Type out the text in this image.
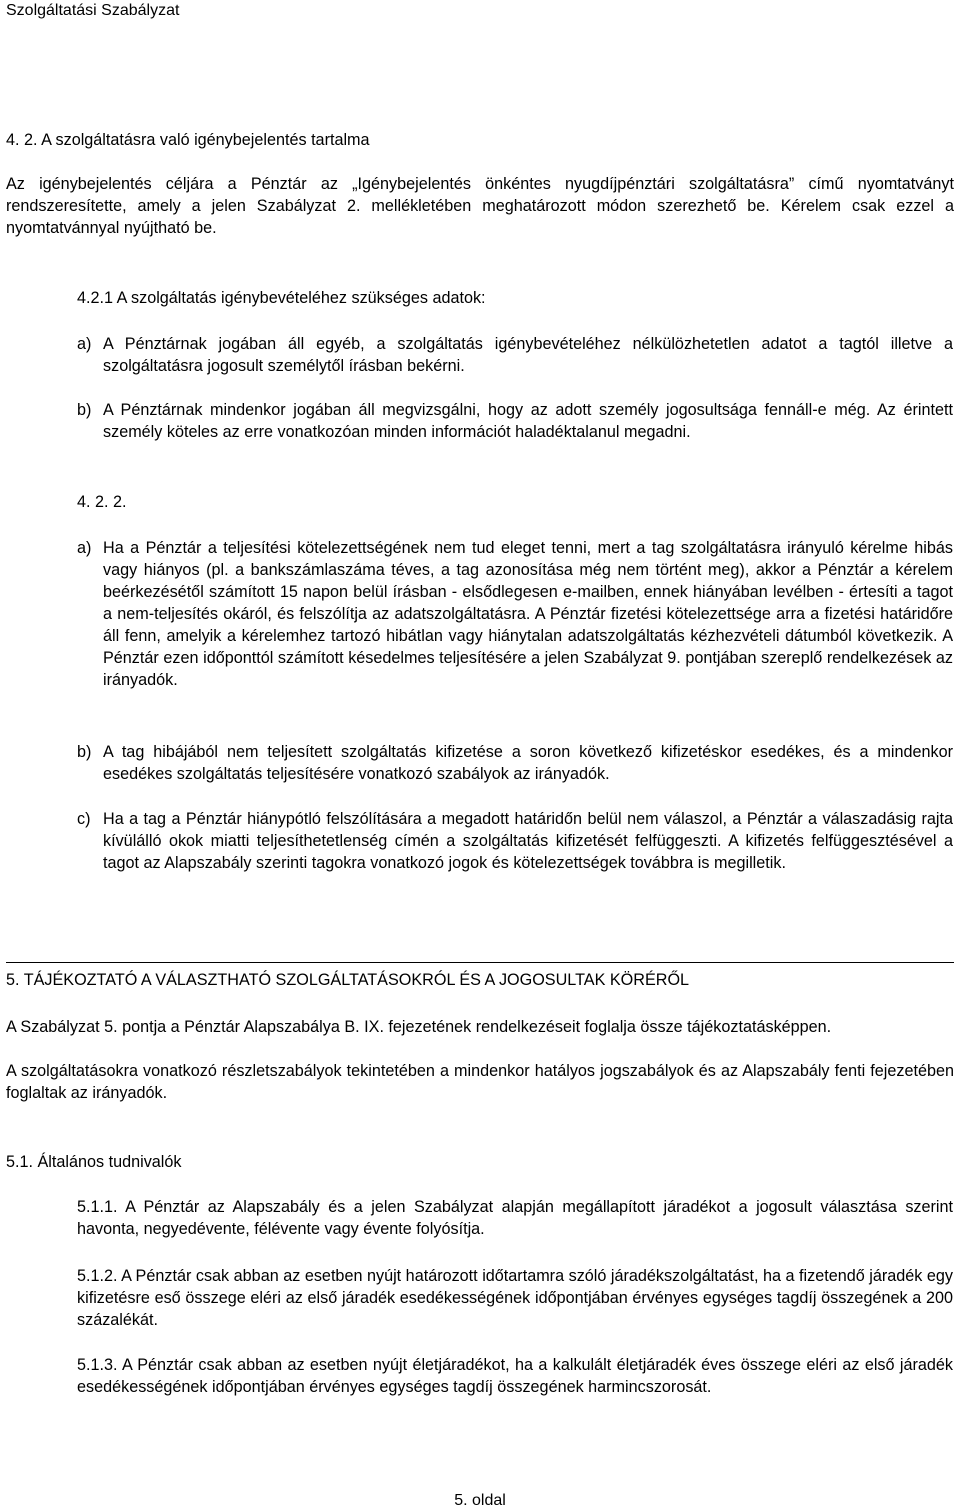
Szolgáltatási Szabályzat
4. 2. A szolgáltatásra való igénybejelentés tartalma

Az igénybejelentés céljára a Pénztár az „Igénybejelentés önkéntes nyugdíjpénztári szolgáltatásra” című nyomtatványt rendszeresítette, amely a jelen Szabályzat 2. mellékletében meghatározott módon szerezhető be. Kérelem csak ezzel a nyomtatvánnyal nyújtható be.

4.2.1 A szolgáltatás igénybevételéhez szükséges adatok:
a) A Pénztárnak jogában áll egyéb, a szolgáltatás igénybevételéhez nélkülözhetetlen adatot a tagtól illetve a szolgáltatásra jogosult személytől írásban bekérni.

b) A Pénztárnak mindenkor jogában áll megvizsgálni, hogy az adott személy jogosultsága fennáll-e még. Az érintett személy köteles az erre vonatkozóan minden információt haladéktalanul megadni.

4. 2. 2.
a) Ha a Pénztár a teljesítési kötelezettségének nem tud eleget tenni, mert a tag szolgáltatásra irányuló kérelme hibás vagy hiányos (pl. a bankszámlaszáma téves, a tag azonosítása még nem történt meg), akkor a Pénztár a kérelem beérkezésétől számított 15 napon belül írásban - elsődlegesen e-mailben, ennek hiányában levélben - értesíti a tagot a nem-teljesítés okáról, és felszólítja az adatszolgáltatásra. A Pénztár fizetési kötelezettsége arra a fizetési határidőre áll fenn, amelyik a kérelemhez tartozó hibátlan vagy hiánytalan adatszolgáltatás kézhezvételi dátumból következik. A Pénztár ezen időponttól számított késedelmes teljesítésére a jelen Szabályzat 9. pontjában szereplő rendelkezések az irányadók.

b) A tag hibájából nem teljesített szolgáltatás kifizetése a soron következő kifizetéskor esedékes, és a mindenkor esedékes szolgáltatás teljesítésére vonatkozó szabályok az irányadók.

c) Ha a tag a Pénztár hiánypótló felszólítására a megadott határidőn belül nem válaszol, a Pénztár a válaszadásig rajta kívülálló okok miatti teljesíthetetlenség címén a szolgáltatás kifizetését felfüggeszti. A kifizetés felfüggesztésével a tagot az Alapszabály szerinti tagokra vonatkozó jogok és kötelezettségek továbbra is megilletik.

5. TÁJÉKOZTATÓ A VÁLASZTHATÓ SZOLGÁLTATÁSOKRÓL ÉS A JOGOSULTAK KÖRÉRŐL

A Szabályzat 5. pontja a Pénztár Alapszabálya B. IX. fejezetének rendelkezéseit foglalja össze tájékoztatásképpen.

A szolgáltatásokra vonatkozó részletszabályok tekintetében a mindenkor hatályos jogszabályok és az Alapszabály fenti fejezetében foglaltak az irányadók.

5.1. Általános tudnivalók

5.1.1. A Pénztár az Alapszabály és a jelen Szabályzat alapján megállapított járadékot a jogosult választása szerint havonta, negyedévente, félévente vagy évente folyósítja.

5.1.2. A Pénztár csak abban az esetben nyújt határozott időtartamra szóló járadékszolgáltatást, ha a fizetendő járadék egy kifizetésre eső összege eléri az első járadék esedékességének időpontjában érvényes egységes tagdíj összegének a 200 százalékát.

5.1.3. A Pénztár csak abban az esetben nyújt életjáradékot, ha a kalkulált életjáradék éves összege eléri az első járadék esedékességének időpontjában érvényes egységes tagdíj összegének harmincszorosát.

5. oldal
